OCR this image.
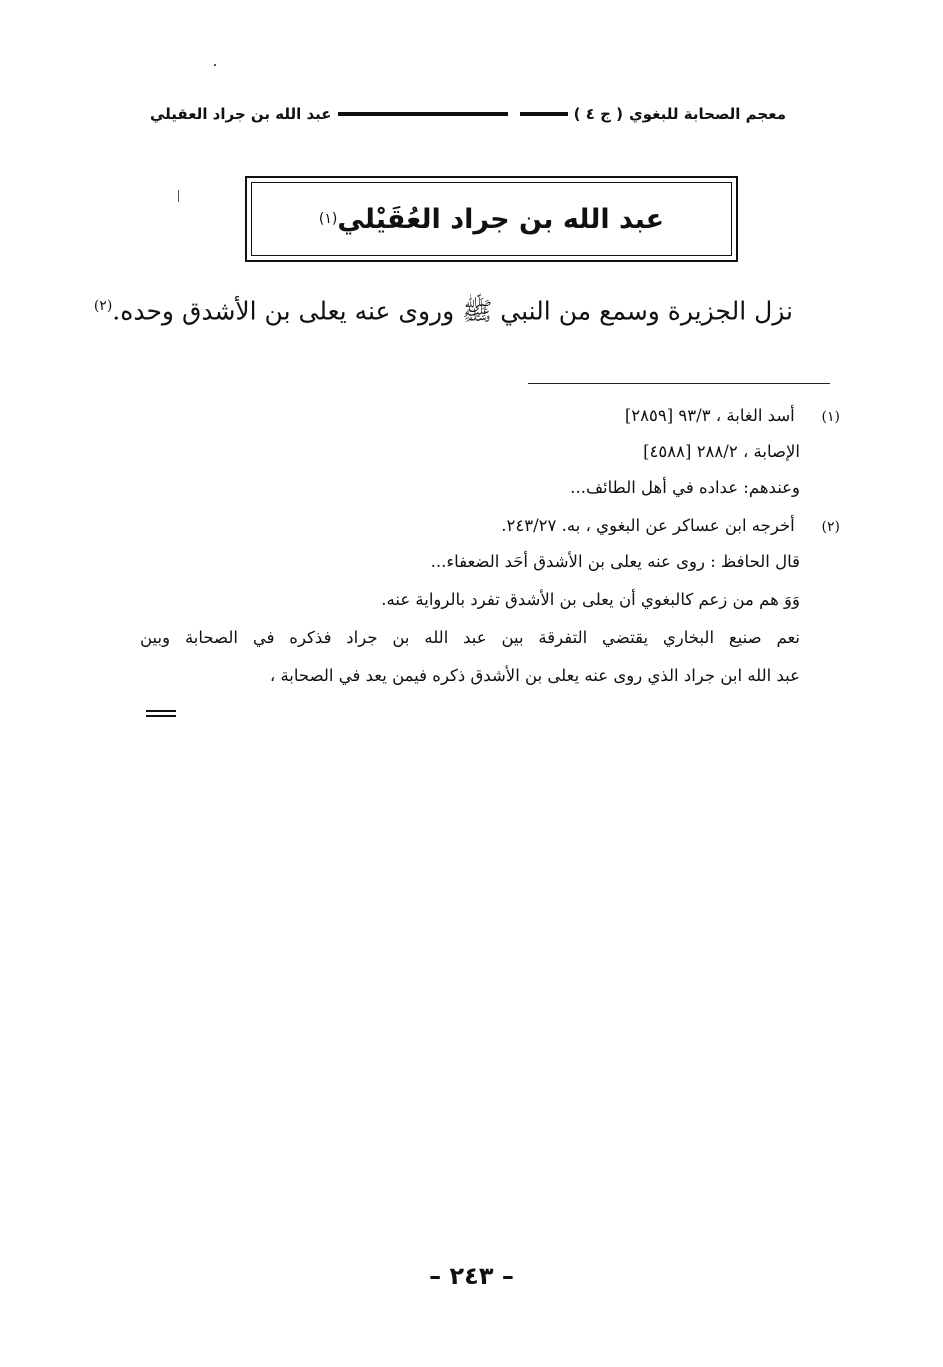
معجم الصحابة للبغوي
( ج ٤ )
عبد الله بن جراد العقيلي
عبد الله بن جراد العُقَيْلي
(١)
نزل الجزيرة وسمع من النبي ﷺ وروى عنه يعلى بن الأشدق وحده.$^{(٢)}$
(١) أسد الغابة ، ٩٣/٣ [٢٨٥٩]
الإصابة ، ٢٨٨/٢ [٤٥٨٨]
وعندهم: عداده في أهل الطائف...
(٢) أخرجه ابن عساكر عن البغوي ، به. ٢٤٣/٢٧.
قال الحافظ : روى عنه يعلى بن الأشدق أحَد الضعفاء...
وَوَ هم من زعم كالبغوي أن يعلى بن الأشدق تفرد بالرواية عنه.
نعم صنيع البخاري يقتضي التفرقة بين عبد الله بن جراد فذكره في الصحابة وبين
عبد الله ابن جراد الذي روى عنه يعلى بن الأشدق ذكره فيمن يعد في الصحابة ،
– ٢٤٣ –
